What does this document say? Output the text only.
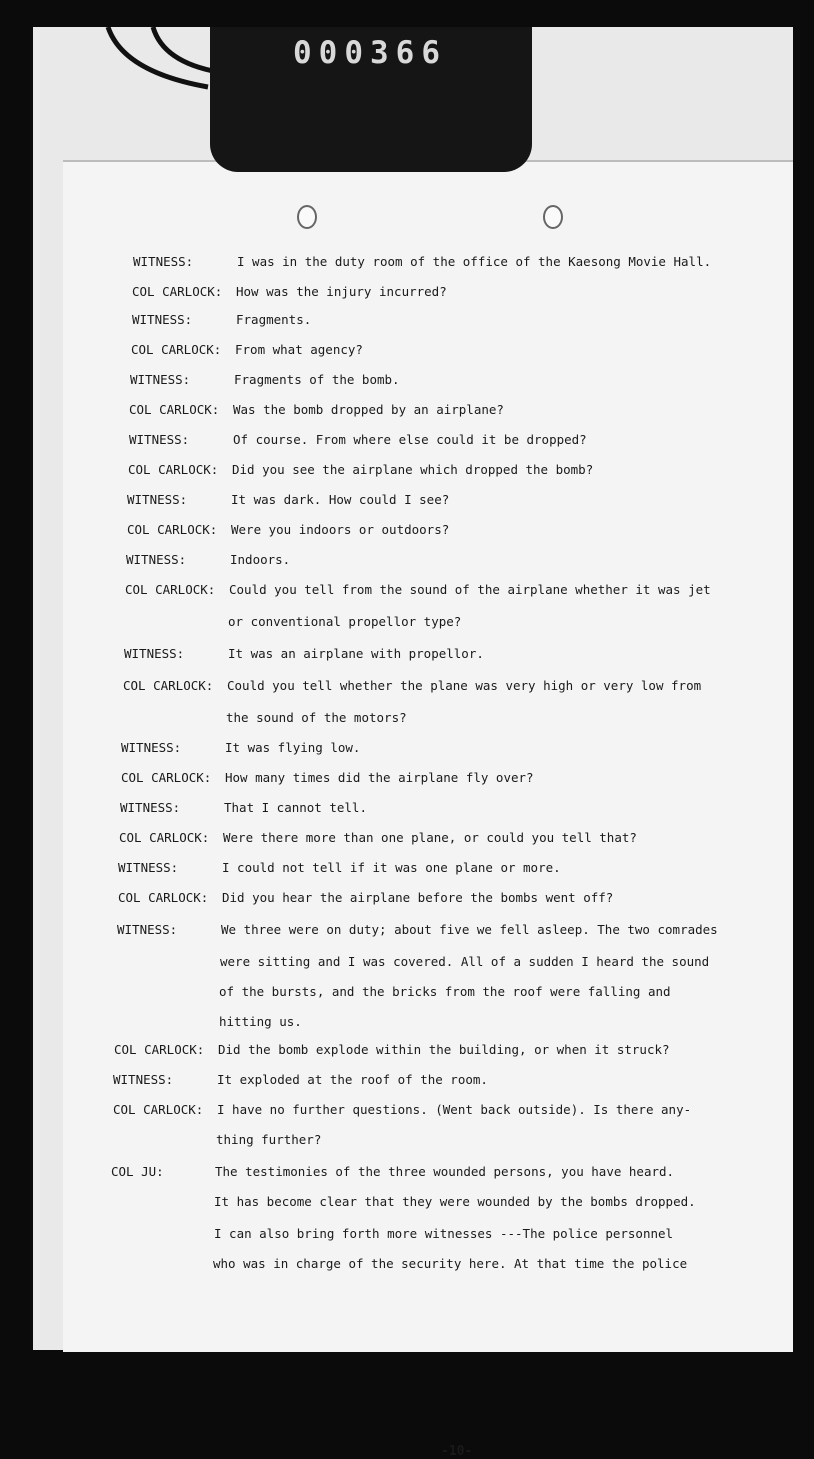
WITNESS:	I was in the duty room of the office of the Kaesong Movie Hall.
COL CARLOCK: How was the injury incurred?
WITNESS:	Fragments.
COL CARLOCK: From what agency?
WITNESS:	Fragments of the bomb.
COL CARLOCK: Was the bomb dropped by an airplane?
WITNESS:	Of course. From where else could it be dropped?
COL CARLOCK: Did you see the airplane which dropped the bomb?
WITNESS:	It was dark. How could I see?
COL CARLOCK: Were you indoors or outdoors?
WITNESS:	Indoors.
COL CARLOCK: Could you tell from the sound of the airplane whether it was jet
or conventional propellor type?
WITNESS:	It was an airplane with propellor.
COL CARLOCK: Could you tell whether the plane was very high or very low from
the sound of the motors?
WITNESS:	It was flying low.
COL CARLOCK: How many times did the airplane fly over?
WITNESS:	That I cannot tell.
COL CARLOCK: Were there more than one plane, or could you tell that?
WITNESS:	I could not tell if it was one plane or more.
COL CARLOCK: Did you hear the airplane before the bombs went off?
WITNESS:	We three were on duty; about five we fell asleep. The two comrades
were sitting and I was covered. All of a sudden I heard the sound
of the bursts, and the bricks from the roof were falling and
hitting us.
COL CARLOCK: Did the bomb explode within the building, or when it struck?
WITNESS:	It exploded at the roof of the room.
COL CARLOCK: I have no further questions. (Went back outside). Is there any-
thing further?
COL JU:	The testimonies of the three wounded persons, you have heard.
It has become clear that they were wounded by the bombs dropped.
I can also bring forth more witnesses ---The police personnel
who was in charge of the security here. At that time the police
-10-
000366
